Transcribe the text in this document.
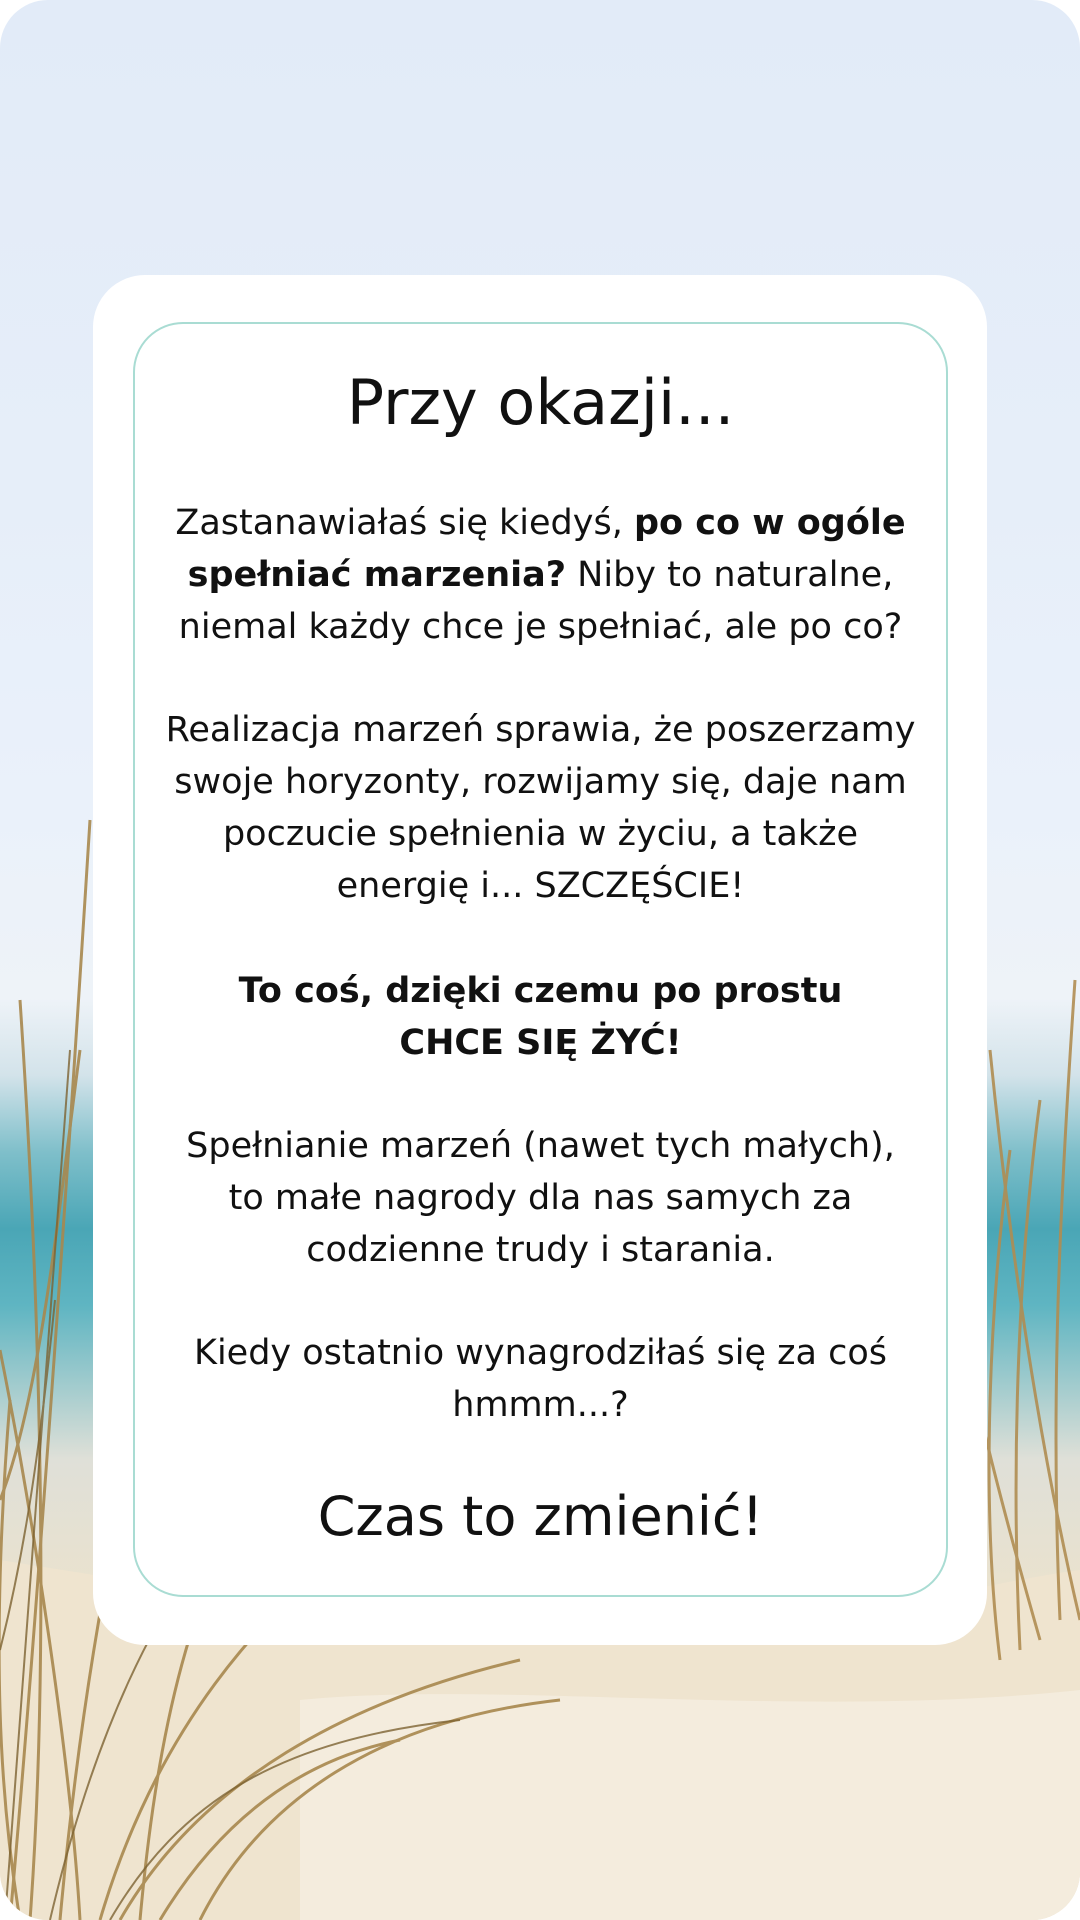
Przy okazji...

Zastanawiałaś się kiedyś, po co w ogóle
spełniać marzenia? Niby to naturalne,
niemal każdy chce je spełniać, ale po co?

Realizacja marzeń sprawia, że poszerzamy
swoje horyzonty, rozwijamy się, daje nam
poczucie spełnienia w życiu, a także
energię i... SZCZĘŚCIE!

To coś, dzięki czemu po prostu
CHCE SIĘ ŻYĆ!

Spełnianie marzeń (nawet tych małych),
to małe nagrody dla nas samych za
codzienne trudy i starania.

Kiedy ostatnio wynagrodziłaś się za coś
hmmm...?

Czas to zmienić!
